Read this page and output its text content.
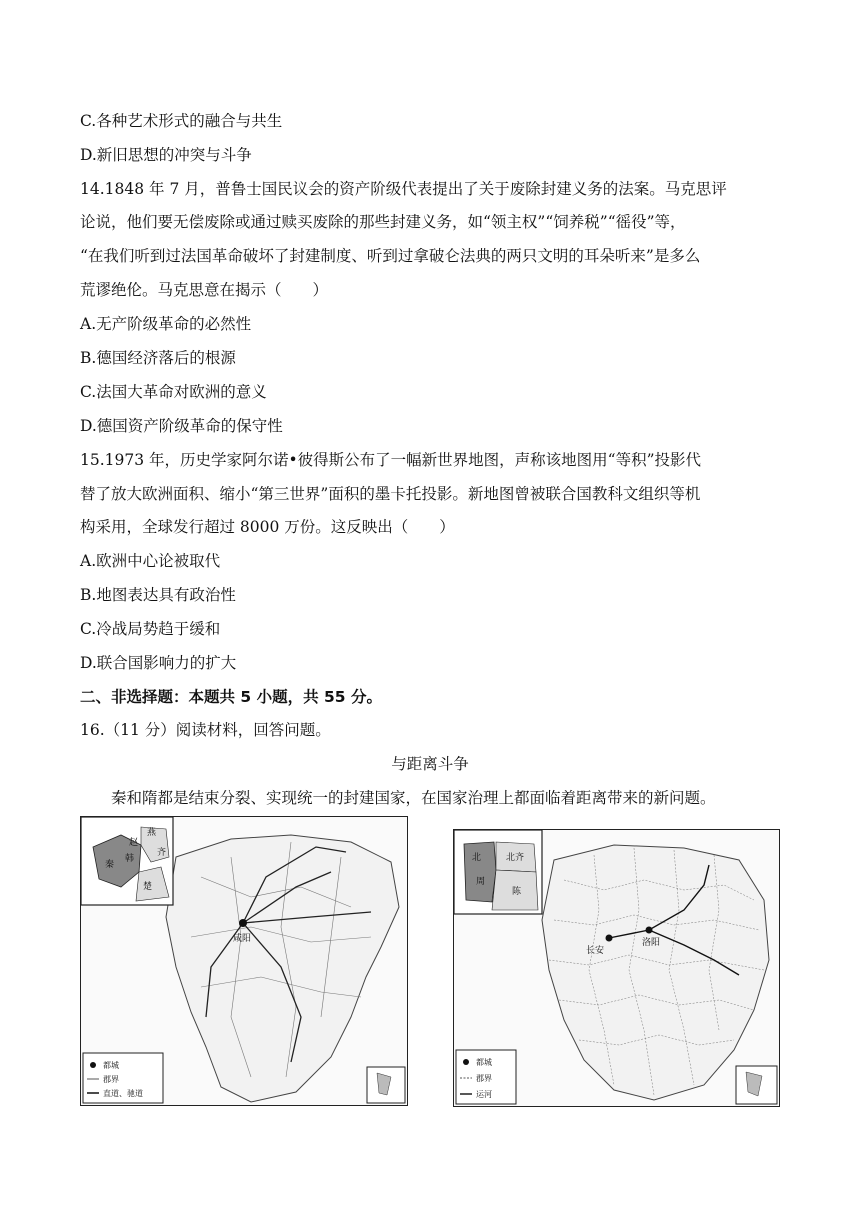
C.各种艺术形式的融合与共生
D.新旧思想的冲突与斗争
14.1848 年 7 月，普鲁士国民议会的资产阶级代表提出了关于废除封建义务的法案。马克思评
论说，他们要无偿废除或通过赎买废除的那些封建义务，如“领主权”“饲养税”“徭役”等，
“在我们听到过法国革命破坏了封建制度、听到过拿破仑法典的两只文明的耳朵听来”是多么
荒谬绝伦。马克思意在揭示（　　）
A.无产阶级革命的必然性
B.德国经济落后的根源
C.法国大革命对欧洲的意义
D.德国资产阶级革命的保守性
15.1973 年，历史学家阿尔诺•彼得斯公布了一幅新世界地图，声称该地图用“等积”投影代
替了放大欧洲面积、缩小“第三世界”面积的墨卡托投影。新地图曾被联合国教科文组织等机
构采用，全球发行超过 8000 万份。这反映出（　　）
A.欧洲中心论被取代
B.地图表达具有政治性
C.冷战局势趋于缓和
D.联合国影响力的扩大
二、非选择题：本题共 5 小题，共 55 分。
16.（11 分）阅读材料，回答问题。
与距离斗争
秦和隋都是结束分裂、实现统一的封建国家，在国家治理上都面临着距离带来的新问题。
咸阳
燕
赵
齐
秦
楚
韩
都城
郡界
直道、驰道
长安
洛阳
北	北齐
周
陈
都城
郡界
运河
